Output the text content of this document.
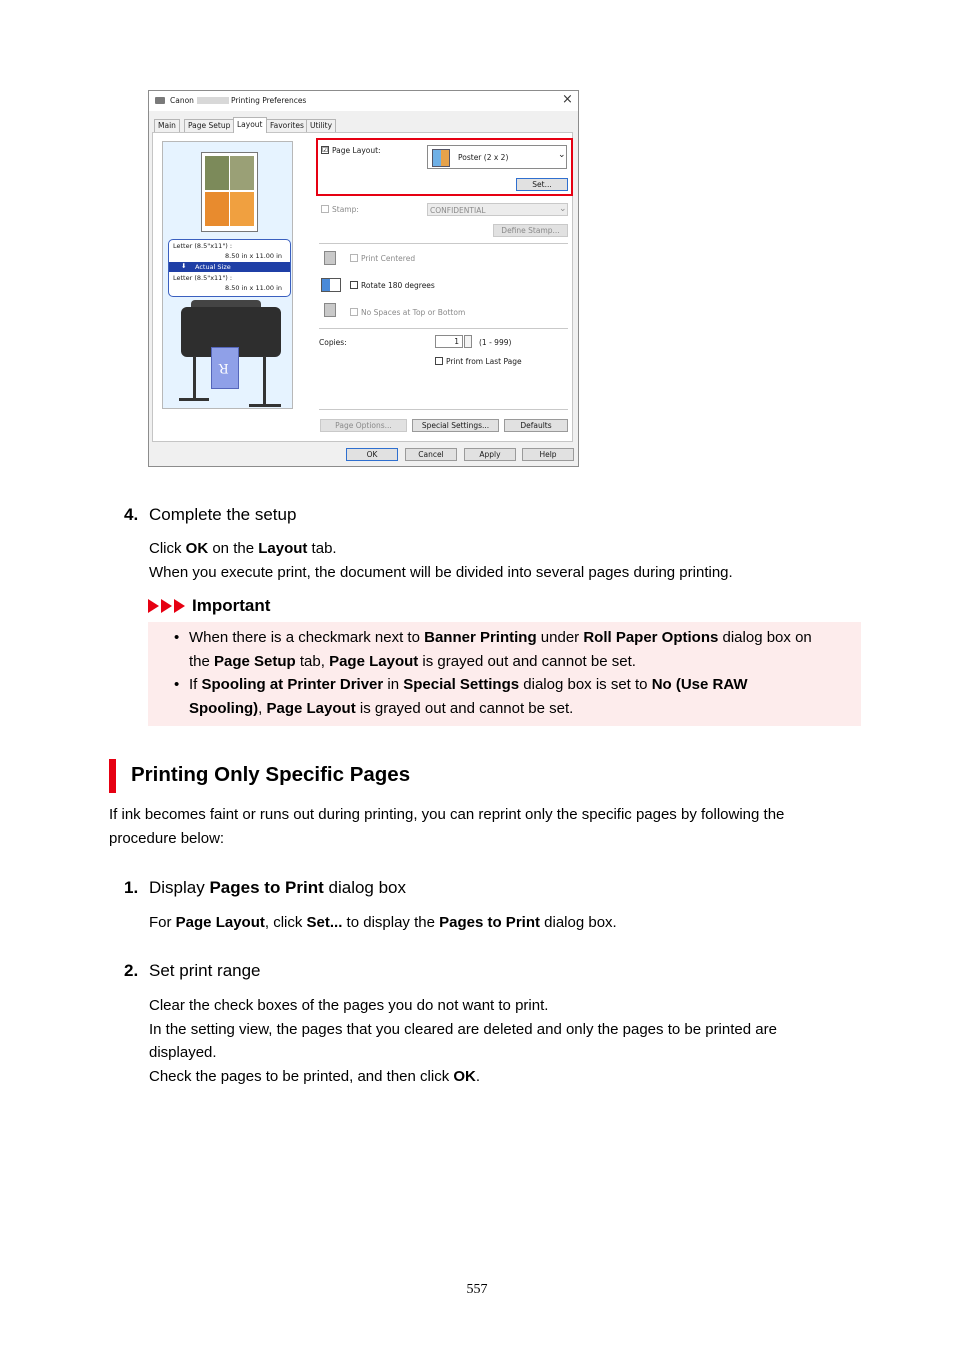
Canon	Printing Preferences	×
Main	Page Setup Layout	Favorites Utility
Letter (8.5"x11") :
8.50 in x 11.00 in
⬇ Actual Size
Letter (8.5"x11") :
8.50 in x 11.00 in
R
☑ Page Layout:
Poster (2 x 2)	⌄
Set...
Stamp:	CONFIDENTIAL	⌄
Define Stamp...
Print Centered
Rotate 180 degrees
No Spaces at Top or Bottom
Copies:	1	(1 - 999)
Print from Last Page
Page Options...	Special Settings...	Defaults
OK	Cancel	Apply	Help
4. Complete the setup
Click OK on the Layout tab.
When you execute print, the document will be divided into several pages during printing.
Important
• When there is a checkmark next to Banner Printing under Roll Paper Options dialog box on
the Page Setup tab, Page Layout is grayed out and cannot be set.
• If Spooling at Printer Driver in Special Settings dialog box is set to No (Use RAW
Spooling), Page Layout is grayed out and cannot be set.
Printing Only Specific Pages
If ink becomes faint or runs out during printing, you can reprint only the specific pages by following the
procedure below:
1. Display Pages to Print dialog box
For Page Layout, click Set... to display the Pages to Print dialog box.
2. Set print range
Clear the check boxes of the pages you do not want to print.
In the setting view, the pages that you cleared are deleted and only the pages to be printed are
displayed.
Check the pages to be printed, and then click OK.
557
